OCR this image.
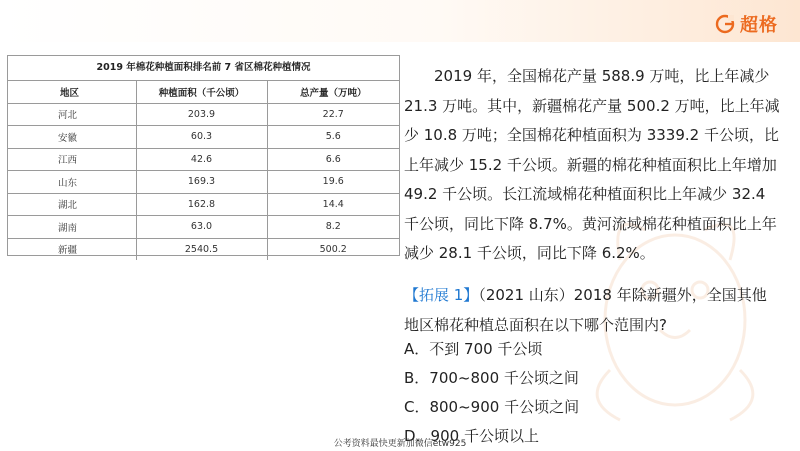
超格
2019 年棉花种植面积排名前 7 省区棉花种植情况
地区	种植面积（千公顷）	总产量（万吨）
河北	203.9	22.7
安徽	60.3	5.6
江西	42.6	6.6
山东	169.3	19.6
湖北	162.8	14.4
湖南	63.0	8.2
新疆	2540.5	500.2

2019 年，全国棉花产量 588.9 万吨，比上年减少 21.3 万吨。其中，新疆棉花产量 500.2 万吨，比上年减少 10.8 万吨；全国棉花种植面积为 3339.2 千公顷，比上年减少 15.2 千公顷。新疆的棉花种植面积比上年增加 49.2 千公顷。长江流域棉花种植面积比上年减少 32.4 千公顷，同比下降 8.7%。黄河流域棉花种植面积比上年减少 28.1 千公顷，同比下降 6.2%。

【拓展 1】（2021 山东）2018 年除新疆外，全国其他
地区棉花种植总面积在以下哪个范围内?
A．不到 700 千公顷
B．700~800 千公顷之间
C．800~900 千公顷之间
D．900 千公顷以上
公考资料最快更新加微信etw925
